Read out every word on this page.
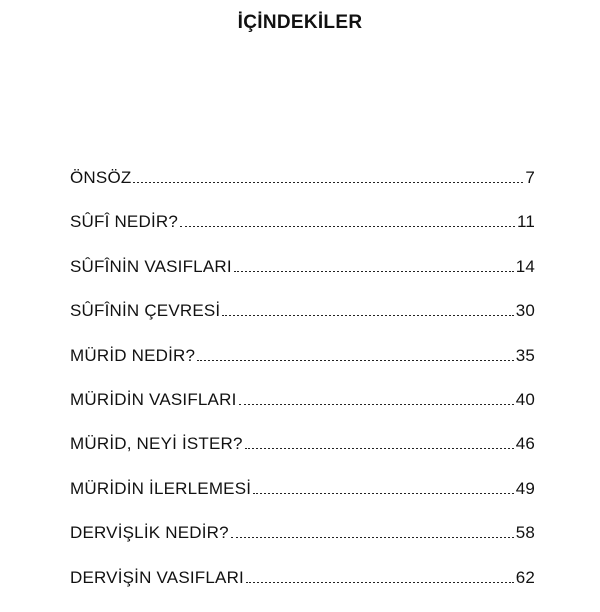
İÇİNDEKİLER
ÖNSÖZ	7
SÛFÎ NEDİR?	11
SÛFÎNİN VASIFLARI	14
SÛFÎNİN ÇEVRESİ	30
MÜRİD NEDİR?	35
MÜRİDİN VASIFLARI	40
MÜRİD, NEYİ İSTER?	46
MÜRİDİN İLERLEMESİ	49
DERVİŞLİK NEDİR?	58
DERVİŞİN VASIFLARI	62
